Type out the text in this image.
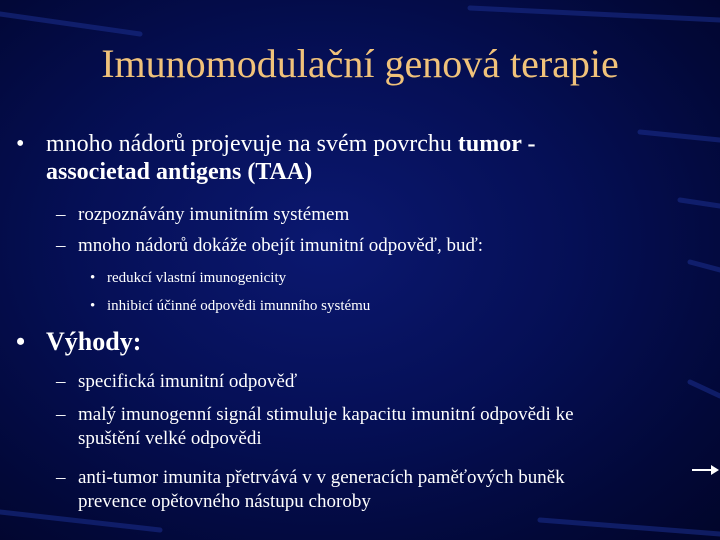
Imunomodulační genová terapie
• mnoho nádorů projevuje na svém povrchu tumor -
associetad antigens (TAA)
– rozpoznávány imunitním systémem
– mnoho nádorů dokáže obejít imunitní odpověď, buď:
• redukcí vlastní imunogenicity
• inhibicí účinné odpovědi imunního systému
• Výhody:
– specifická imunitní odpověď
– malý imunogenní signál stimuluje kapacitu imunitní odpovědi ke
spuštění velké odpovědi
– anti-tumor imunita přetrvává v v generacích paměťových buněk
prevence opětovného nástupu choroby
